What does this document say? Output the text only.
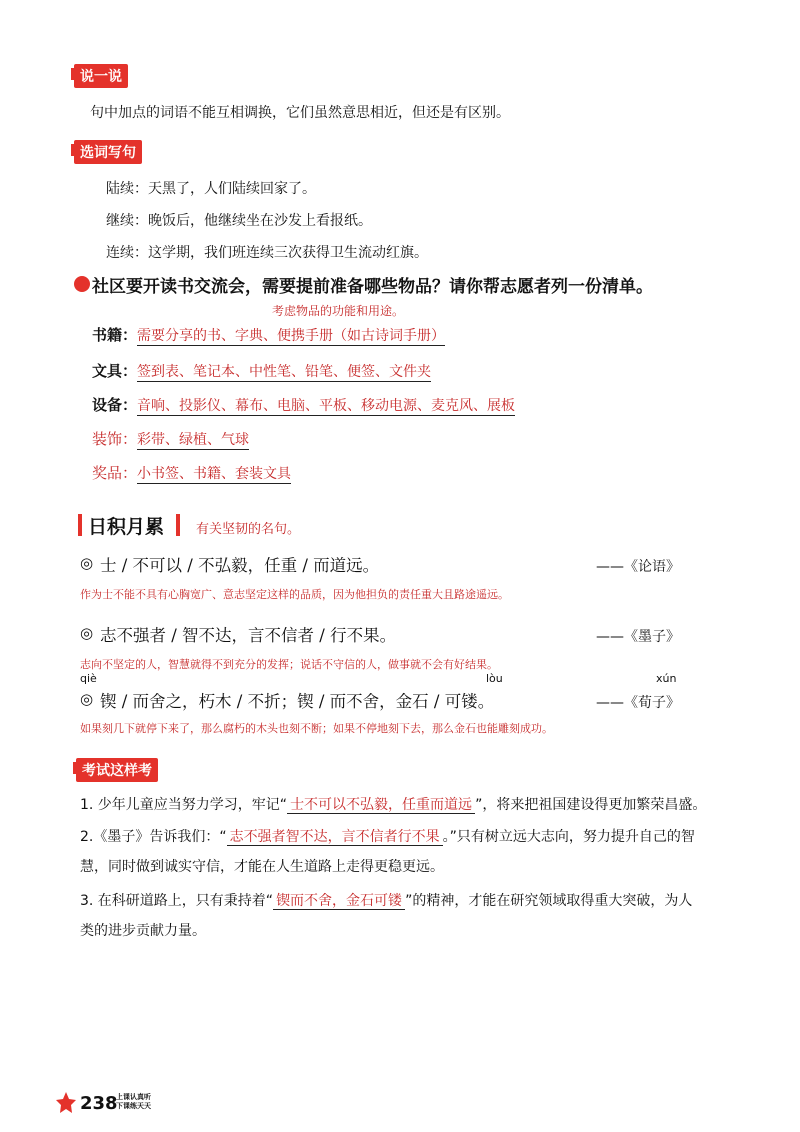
说一说
句中加点的词语不能互相调换，它们虽然意思相近，但还是有区别。
选词写句
陆续：天黑了，人们陆续回家了。
继续：晚饭后，他继续坐在沙发上看报纸。
连续：这学期，我们班连续三次获得卫生流动红旗。
社区要开读书交流会，需要提前准备哪些物品？请你帮志愿者列一份清单。
考虑物品的功能和用途。
书籍：需要分享的书、字典、便携手册（如古诗词手册）
文具：签到表、笔记本、中性笔、铅笔、便签、文件夹
设备：音响、投影仪、幕布、电脑、平板、移动电源、麦克风、展板
装饰：彩带、绿植、气球
奖品：小书签、书籍、套装文具
日积月累 有关坚韧的名句。
◎ 士 / 不可以 / 不弘毅，任重 / 而道远。	——《论语》
作为士不能不具有心胸宽广、意志坚定这样的品质，因为他担负的责任重大且路途遥远。
◎ 志不强者 / 智不达，言不信者 / 行不果。	——《墨子》
志向不坚定的人，智慧就得不到充分的发挥；说话不守信的人，做事就不会有好结果。
qiè	lòu	xún
◎ 锲 / 而舍之，朽木 / 不折；锲 / 而不舍，金石 / 可镂。	——《荀子》
如果刻几下就停下来了，那么腐朽的木头也刻不断；如果不停地刻下去，那么金石也能雕刻成功。
考试这样考
1. 少年儿童应当努力学习，牢记“ 士不可以不弘毅，任重而道远 ”，将来把祖国建设得更加繁荣昌盛。
2.《墨子》告诉我们：“ 志不强者智不达，言不信者行不果 。”只有树立远大志向，努力提升自己的智
慧，同时做到诚实守信，才能在人生道路上走得更稳更远。
3. 在科研道路上，只有秉持着“ 锲而不舍，金石可镂 ”的精神，才能在研究领域取得重大突破，为人
类的进步贡献力量。
238
上课认真听
下课练天天
